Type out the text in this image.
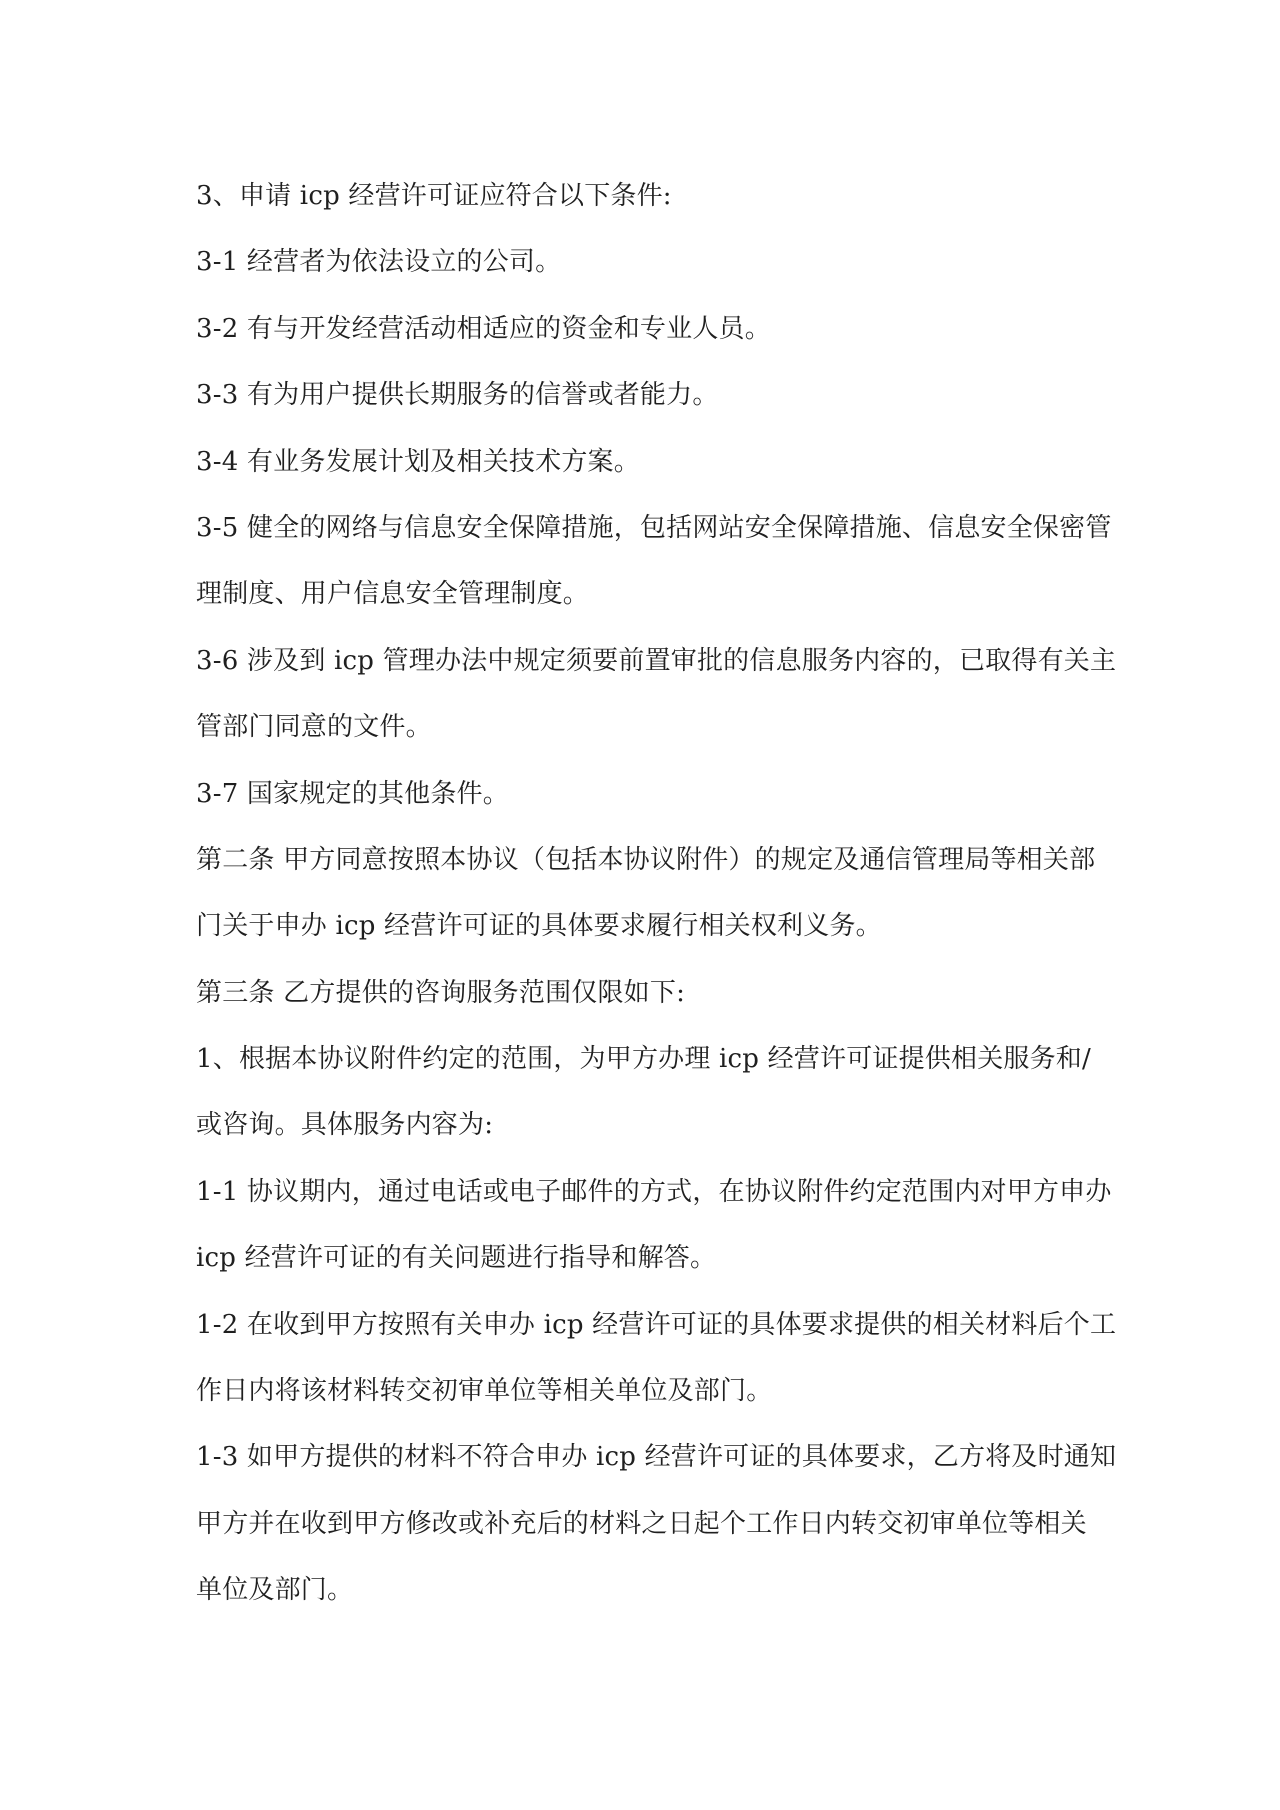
3、申请 icp 经营许可证应符合以下条件:
3-1 经营者为依法设立的公司。
3-2 有与开发经营活动相适应的资金和专业人员。
3-3 有为用户提供长期服务的信誉或者能力。
3-4 有业务发展计划及相关技术方案。
3-5 健全的网络与信息安全保障措施，包括网站安全保障措施、信息安全保密管
理制度、用户信息安全管理制度。
3-6 涉及到 icp 管理办法中规定须要前置审批的信息服务内容的，已取得有关主
管部门同意的文件。
3-7 国家规定的其他条件。
第二条 甲方同意按照本协议（包括本协议附件）的规定及通信管理局等相关部
门关于申办 icp 经营许可证的具体要求履行相关权利义务。
第三条 乙方提供的咨询服务范围仅限如下:
1、根据本协议附件约定的范围，为甲方办理 icp 经营许可证提供相关服务和/
或咨询。具体服务内容为:
1-1 协议期内，通过电话或电子邮件的方式，在协议附件约定范围内对甲方申办
icp 经营许可证的有关问题进行指导和解答。
1-2 在收到甲方按照有关申办 icp 经营许可证的具体要求提供的相关材料后个工
作日内将该材料转交初审单位等相关单位及部门。
1-3 如甲方提供的材料不符合申办 icp 经营许可证的具体要求，乙方将及时通知
甲方并在收到甲方修改或补充后的材料之日起个工作日内转交初审单位等相关
单位及部门。
